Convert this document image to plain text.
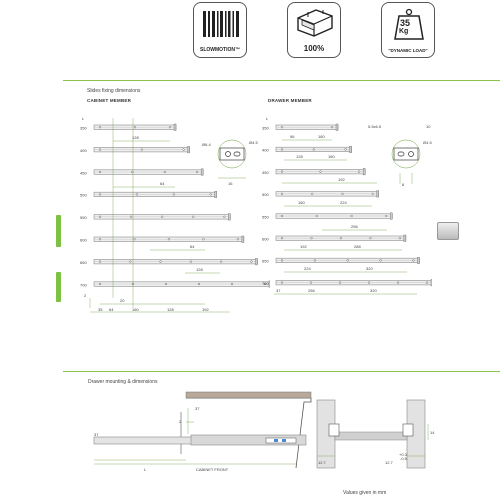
SLOWMOTION™	100%
35
Kg
"DYNAMIC LOAD"
Slides fixing dimensions
CABINET MEMBER	DRAWER MEMBER
350
400
450
500
550
600
650
700
L
128
64
64
128
2
20
35 64	160	128	192
Ø6.4	Ø4.5
16
350
400
450
500
550
600
650
700
L
96	160
128	160
192
160	224
256
192	288
224	320
37	256	320
5.5x6.5	10
Ø4.5
8
Drawer mounting & dimensions
37
2
37
L	CABINET FRONT
12.7	12.7
+0.3
-0.5
14
Values given in mm
